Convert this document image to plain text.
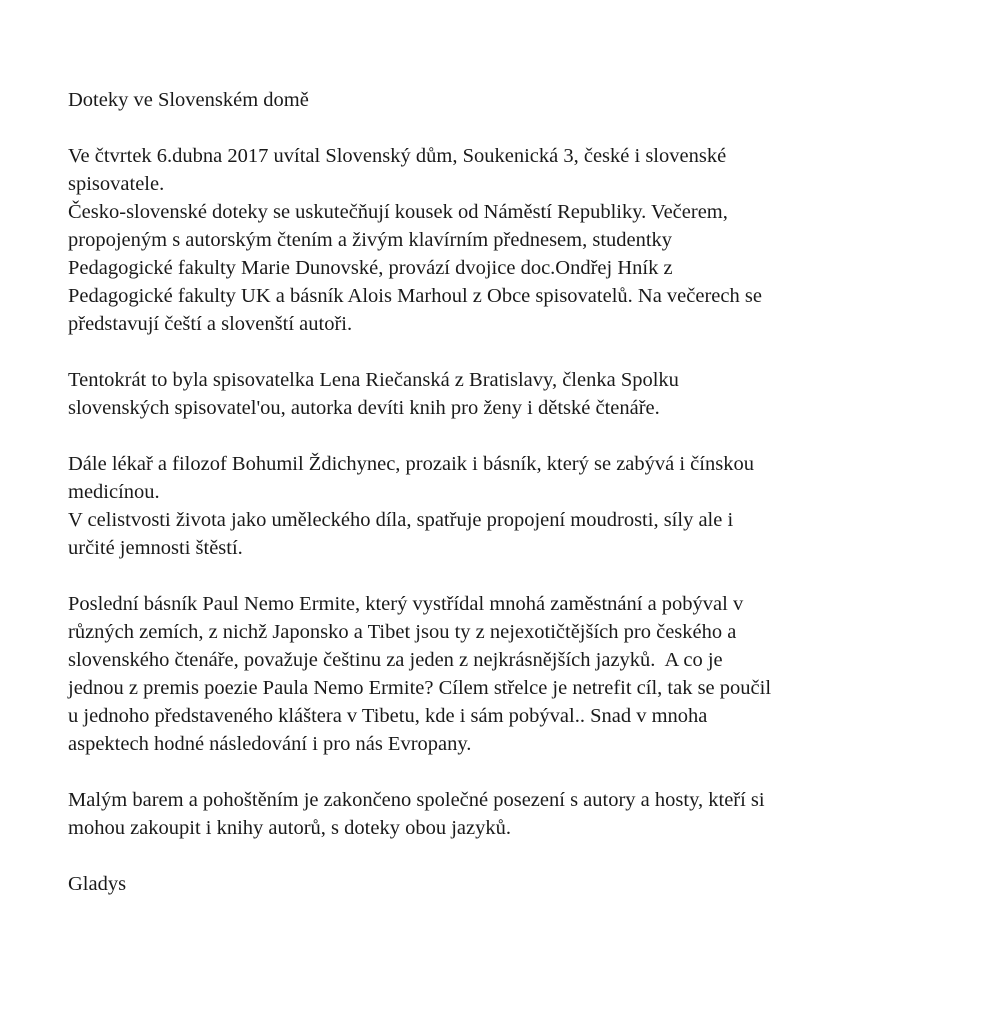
Doteky ve Slovenském domě

Ve čtvrtek 6.dubna 2017 uvítal Slovenský dům, Soukenická 3, české i slovenské
spisovatele.
Česko-slovenské doteky se uskutečňují kousek od Náměstí Republiky. Večerem,
propojeným s autorským čtením a živým klavírním přednesem, studentky
Pedagogické fakulty Marie Dunovské, provází dvojice doc.Ondřej Hník z
Pedagogické fakulty UK a básník Alois Marhoul z Obce spisovatelů. Na večerech se
představují čeští a slovenští autoři.

Tentokrát to byla spisovatelka Lena Riečanská z Bratislavy, členka Spolku
slovenských spisovatel'ou, autorka devíti knih pro ženy i dětské čtenáře.

Dále lékař a filozof Bohumil Ždichynec, prozaik i básník, který se zabývá i čínskou
medicínou.
V celistvosti života jako uměleckého díla, spatřuje propojení moudrosti, síly ale i
určité jemnosti štěstí.

Poslední básník Paul Nemo Ermite, který vystřídal mnohá zaměstnání a pobýval v
různých zemích, z nichž Japonsko a Tibet jsou ty z nejexotičtějších pro českého a
slovenského čtenáře, považuje češtinu za jeden z nejkrásnějších jazyků.  A co je
jednou z premis poezie Paula Nemo Ermite? Cílem střelce je netrefit cíl, tak se poučil
u jednoho představeného kláštera v Tibetu, kde i sám pobýval.. Snad v mnoha
aspektech hodné následování i pro nás Evropany.

Malým barem a pohoštěním je zakončeno společné posezení s autory a hosty, kteří si
mohou zakoupit i knihy autorů, s doteky obou jazyků.

Gladys
